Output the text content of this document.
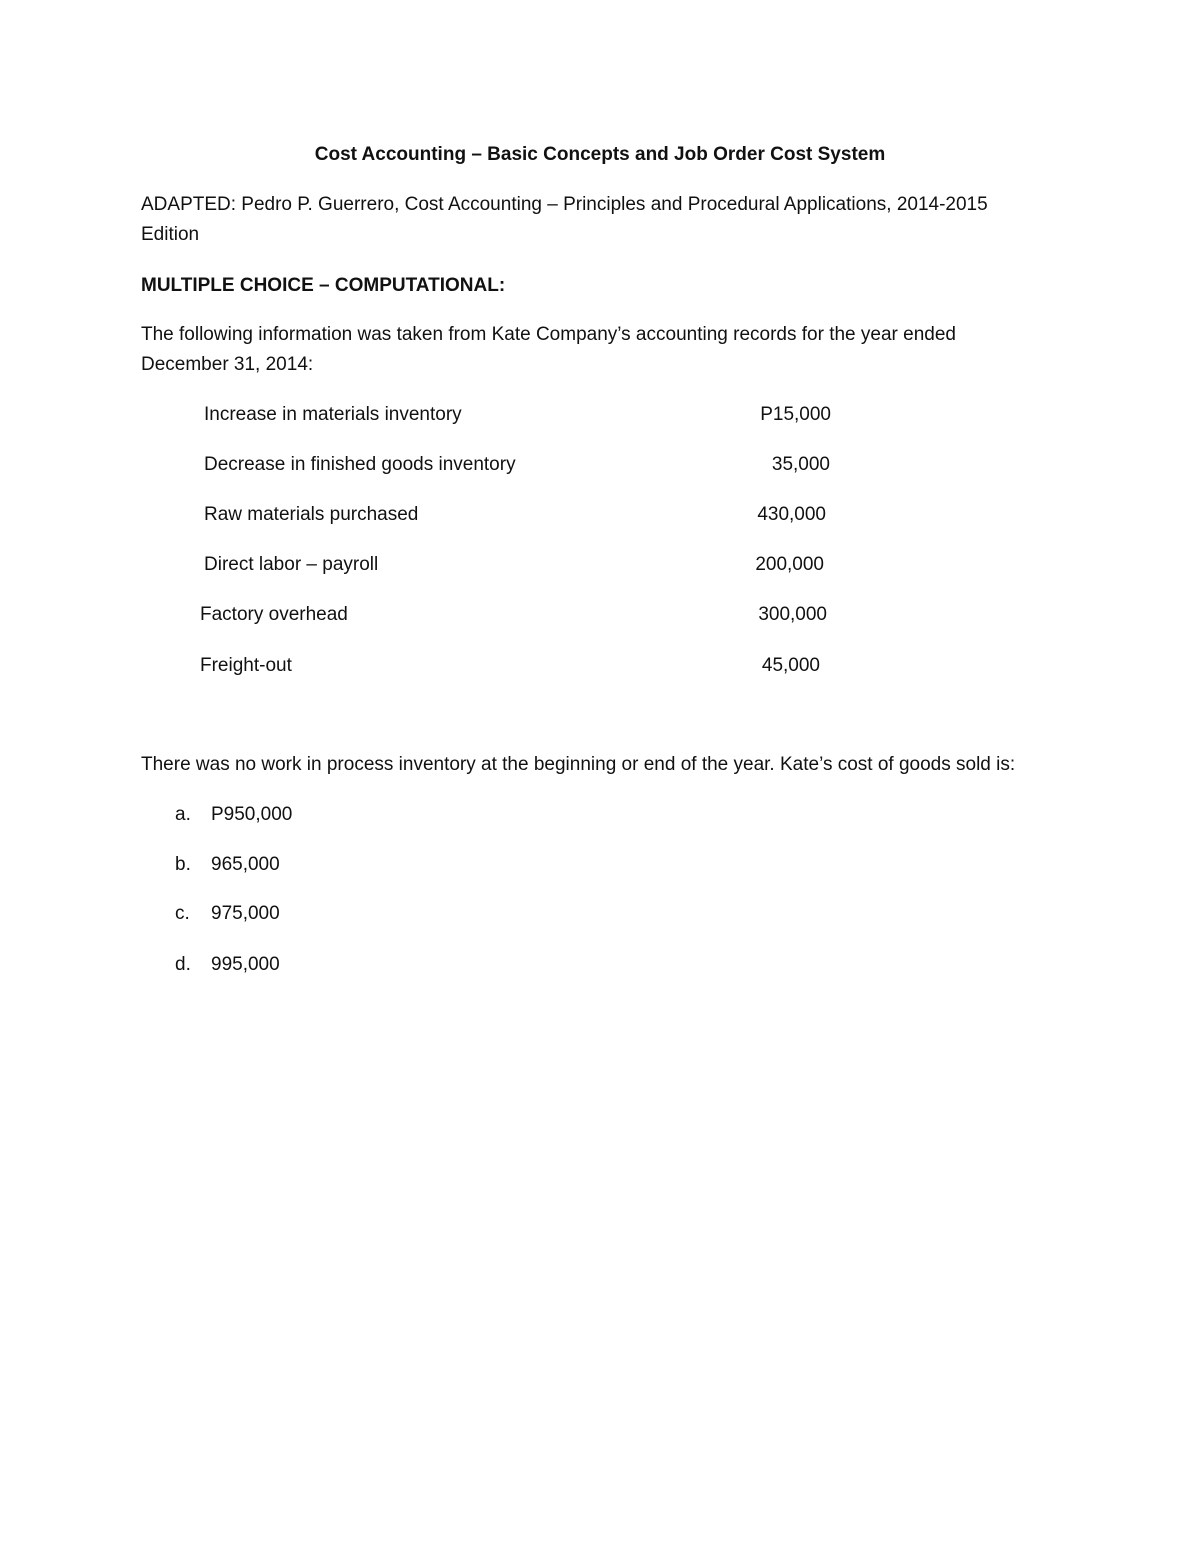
Cost Accounting – Basic Concepts and Job Order Cost System
ADAPTED: Pedro P. Guerrero, Cost Accounting – Principles and Procedural Applications, 2014-2015
Edition
MULTIPLE CHOICE – COMPUTATIONAL:
The following information was taken from Kate Company’s accounting records for the year ended
December 31, 2014:
Increase in materials inventory	P15,000
Decrease in finished goods inventory	35,000
Raw materials purchased	430,000
Direct labor – payroll	200,000
Factory overhead	300,000
Freight-out	45,000
There was no work in process inventory at the beginning or end of the year. Kate’s cost of goods sold is:
a. P950,000
b. 965,000
c. 975,000
d. 995,000
